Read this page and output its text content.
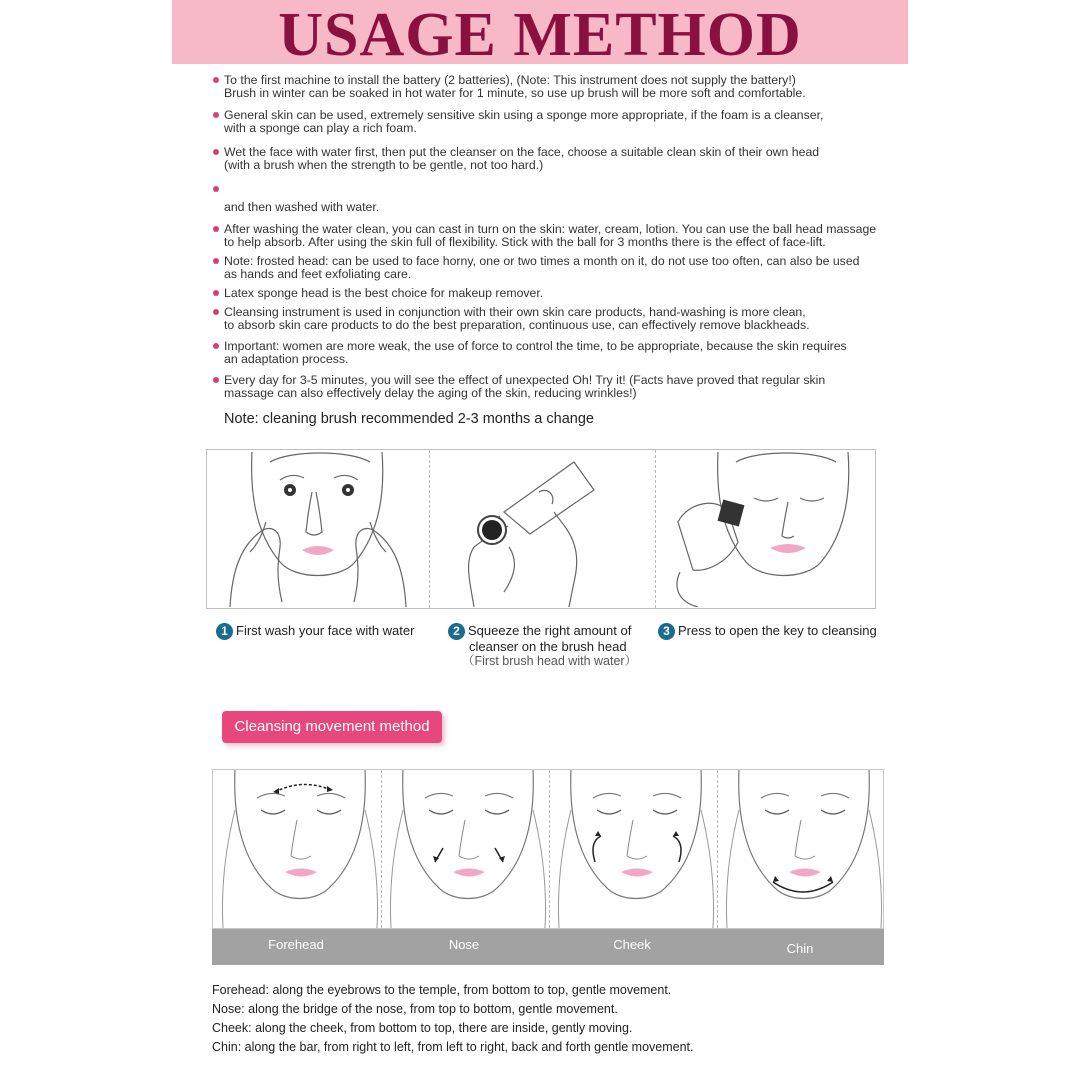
USAGE METHOD

To the first machine to install the battery (2 batteries), (Note: This instrument does not supply the battery!)

Brush in winter can be soaked in hot water for 1 minute, so use up brush will be more soft and comfortable.

General skin can be used, extremely sensitive skin using a sponge more appropriate, if the foam is a cleanser,

with a sponge can play a rich foam.

Wet the face with water first, then put the cleanser on the face, choose a suitable clean skin of their own head

(with a brush when the strength to be gentle, not too hard.)

and then washed with water.

After washing the water clean, you can cast in turn on the skin: water, cream, lotion. You can use the ball head massage

to help absorb. After using the skin full of flexibility. Stick with the ball for 3 months there is the effect of face-lift.

Note: frosted head: can be used to face horny, one or two times a month on it, do not use too often, can also be used

as hands and feet exfoliating care.

Latex sponge head is the best choice for makeup remover.

Cleansing instrument is used in conjunction with their own skin care products, hand-washing is more clean,

to absorb skin care products to do the best preparation, continuous use, can effectively remove blackheads.

Important: women are more weak, the use of force to control the time, to be appropriate, because the skin requires

an adaptation process.

Every day for 3-5 minutes, you will see the effect of unexpected Oh! Try it! (Facts have proved that regular skin

massage can also effectively delay the aging of the skin, reducing wrinkles!)

Note: cleaning brush recommended 2-3 months a change

1 First wash your face with water	2 Squeeze the right amount of
cleanser on the brush head
（First brush head with water）
3 Press to open the key to cleansing
Cleansing movement method
Forehead	Nose	Cheek	Chin

Forehead: along the eyebrows to the temple, from bottom to top, gentle movement.

Nose: along the bridge of the nose, from top to bottom, gentle movement.

Cheek: along the cheek, from bottom to top, there are inside, gently moving.

Chin: along the bar, from right to left, from left to right, back and forth gentle movement.
